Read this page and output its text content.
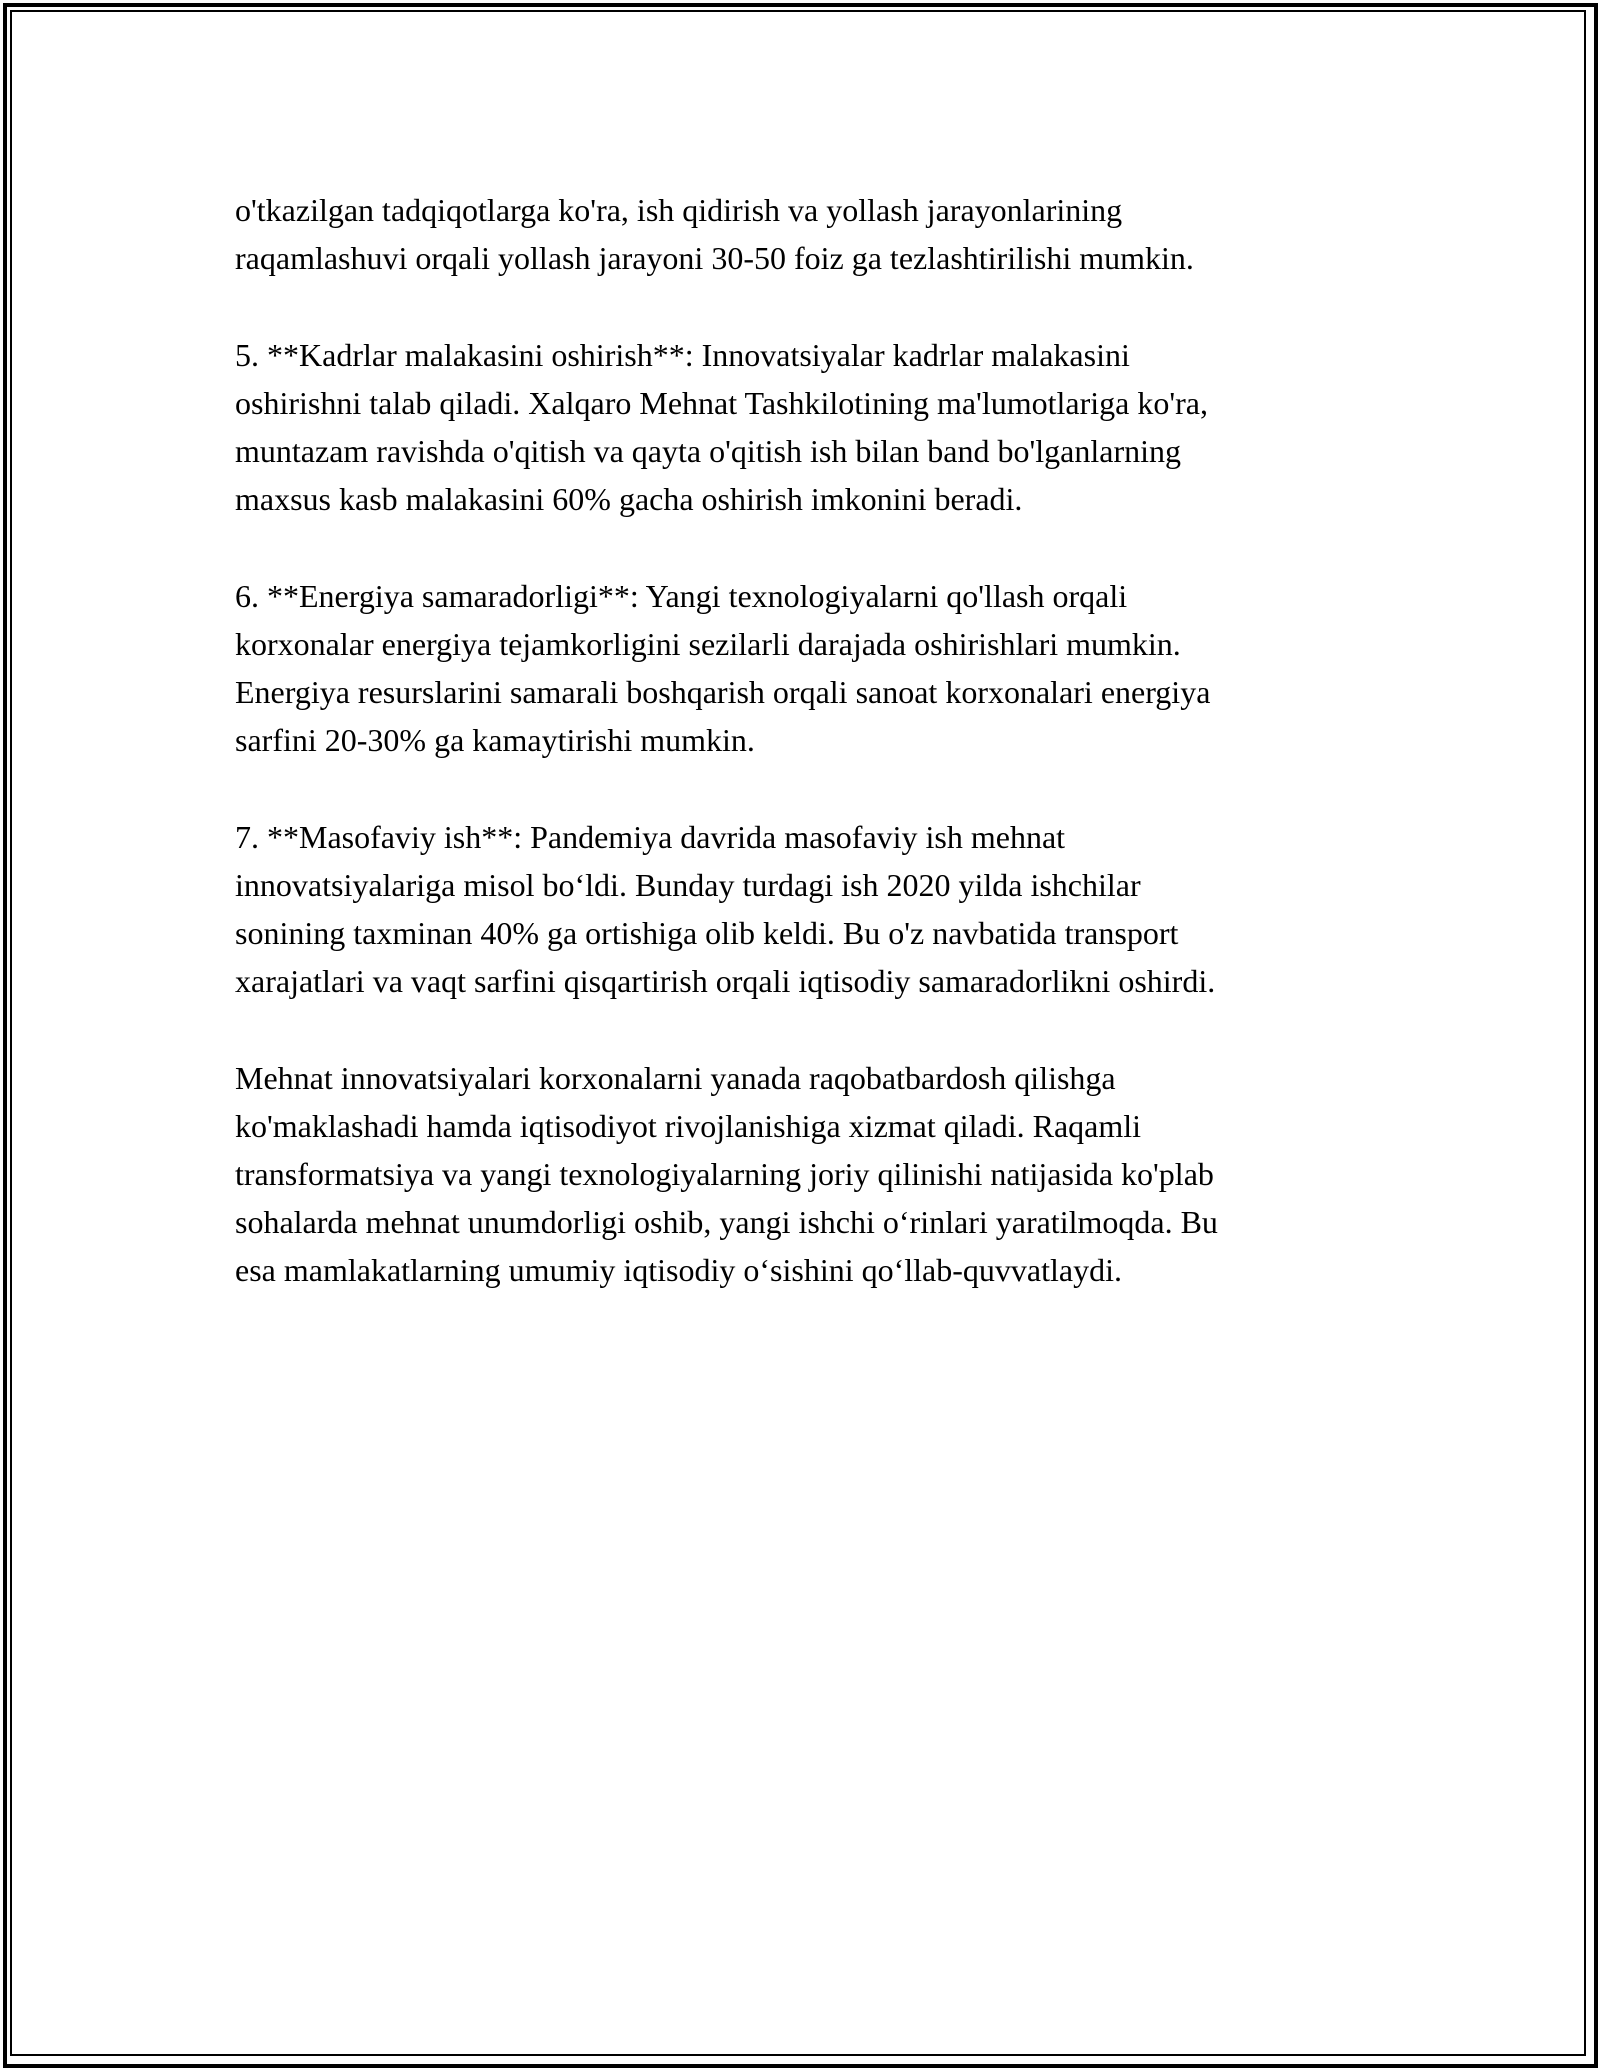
o'tkazilgan tadqiqotlarga ko'ra, ish qidirish va yollash jarayonlarining
raqamlashuvi orqali yollash jarayoni 30-50 foiz ga tezlashtirilishi mumkin.

5. **Kadrlar malakasini oshirish**: Innovatsiyalar kadrlar malakasini
oshirishni talab qiladi. Xalqaro Mehnat Tashkilotining ma'lumotlariga ko'ra,
muntazam ravishda o'qitish va qayta o'qitish ish bilan band bo'lganlarning
maxsus kasb malakasini 60% gacha oshirish imkonini beradi.

6. **Energiya samaradorligi**: Yangi texnologiyalarni qo'llash orqali
korxonalar energiya tejamkorligini sezilarli darajada oshirishlari mumkin.
Energiya resurslarini samarali boshqarish orqali sanoat korxonalari energiya
sarfini 20-30% ga kamaytirishi mumkin.

7. **Masofaviy ish**: Pandemiya davrida masofaviy ish mehnat
innovatsiyalariga misol bo‘ldi. Bunday turdagi ish 2020 yilda ishchilar
sonining taxminan 40% ga ortishiga olib keldi. Bu o'z navbatida transport
xarajatlari va vaqt sarfini qisqartirish orqali iqtisodiy samaradorlikni oshirdi.

Mehnat innovatsiyalari korxonalarni yanada raqobatbardosh qilishga
ko'maklashadi hamda iqtisodiyot rivojlanishiga xizmat qiladi. Raqamli
transformatsiya va yangi texnologiyalarning joriy qilinishi natijasida ko'plab
sohalarda mehnat unumdorligi oshib, yangi ishchi o‘rinlari yaratilmoqda. Bu
esa mamlakatlarning umumiy iqtisodiy o‘sishini qo‘llab-quvvatlaydi.
